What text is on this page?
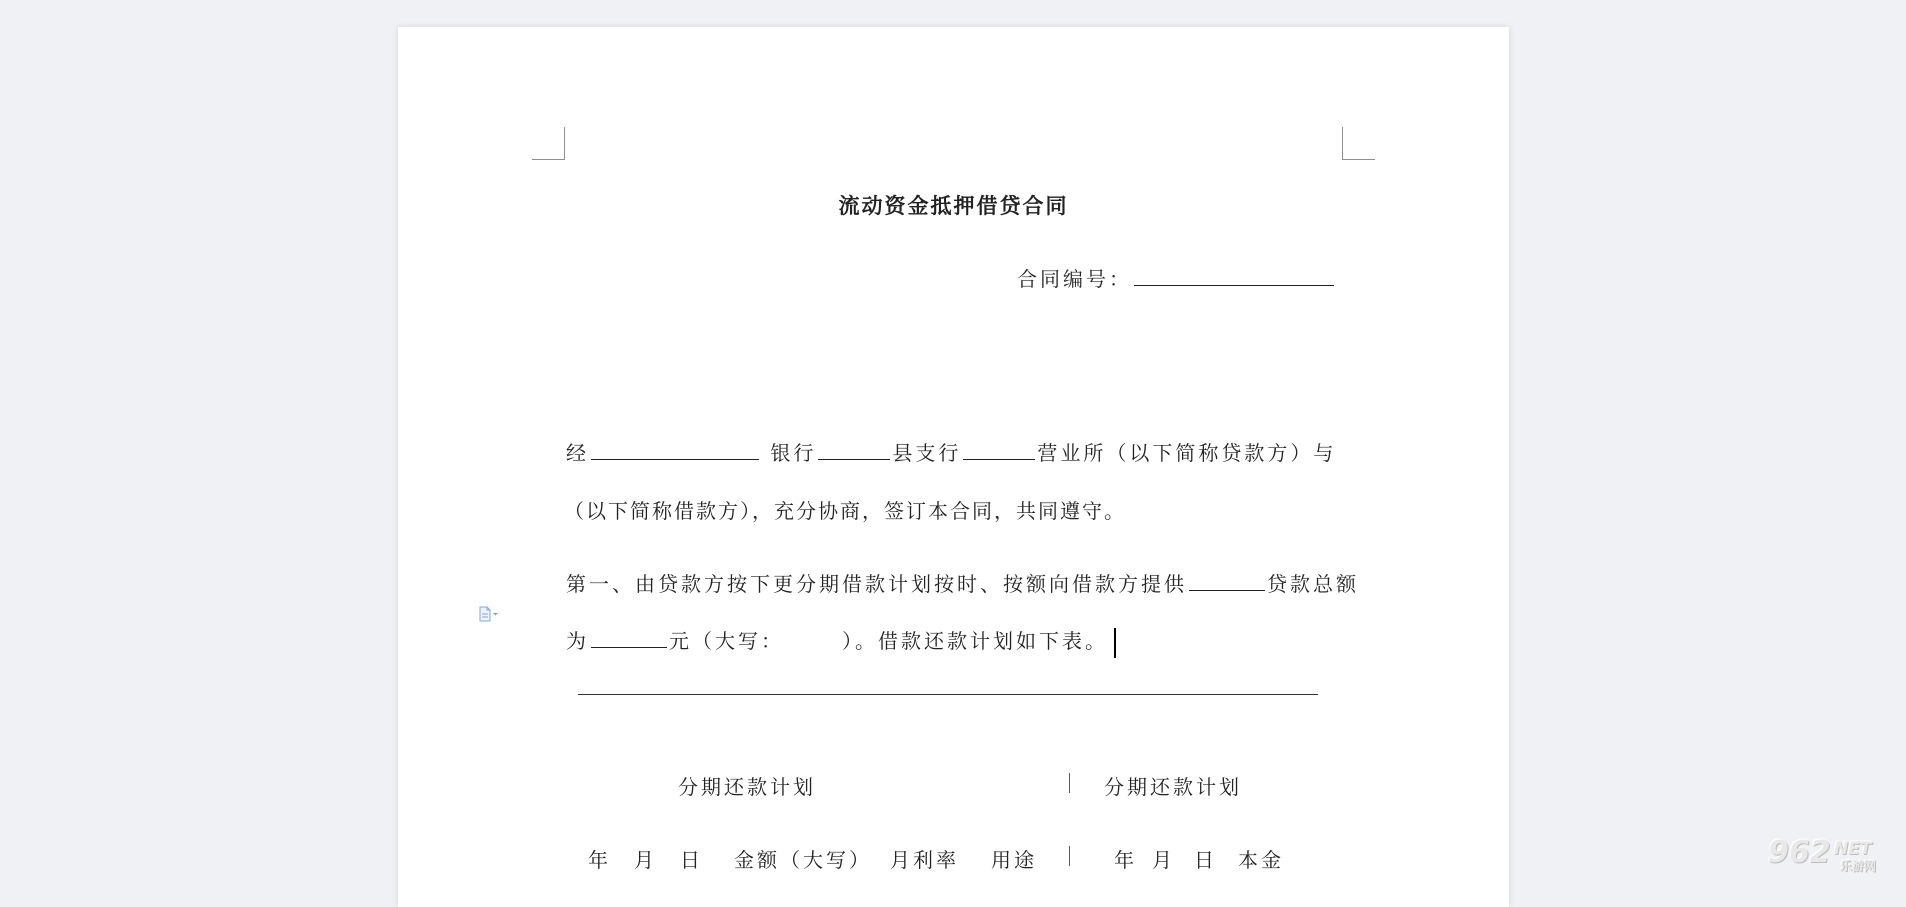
流动资金抵押借贷合同
合同编号：
经	银行	县支行	营业所（以下简称贷款方）与
（以下简称借款方），充分协商，签订本合同，共同遵守。
第一、由贷款方按下更分期借款计划按时、按额向借款方提供	贷款总额
为	元（大写：	）。借款还款计划如下表。
分期还款计划	分期还款计划
年 月 日 金额（大写） 月利率 用途	年 月 日 本金	962 NET
乐游网
